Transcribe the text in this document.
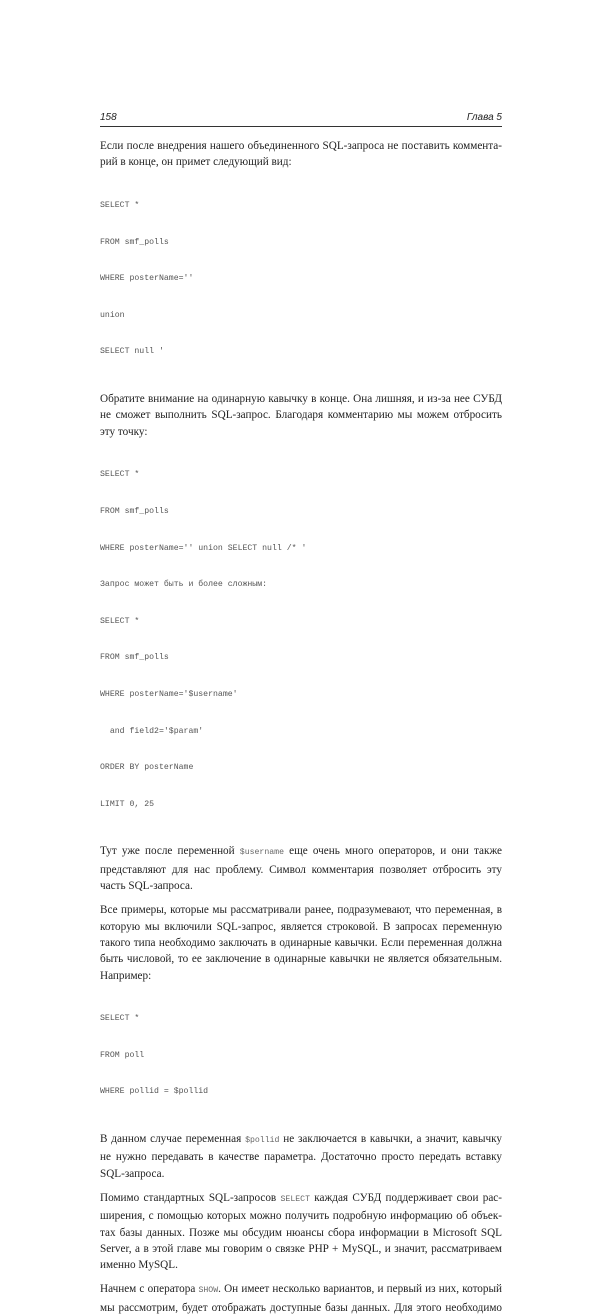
158	Глава 5

Если после внедрения нашего объединенного SQL-запроса не поставить коммента-
рий в конце, он примет следующий вид:

SELECT *

FROM smf_polls

WHERE posterName=''

union

SELECT null '

Обратите внимание на одинарную кавычку в конце. Она лишняя, и из-за нее СУБД
не сможет выполнить SQL-запрос. Благодаря комментарию мы можем отбросить
эту точку:

SELECT *

FROM smf_polls

WHERE posterName='' union SELECT null /* '

Запрос может быть и более сложным:

SELECT *

FROM smf_polls

WHERE posterName='$username'

and field2='$param'

ORDER BY posterName

LIMIT 0, 25

Тут уже после переменной $username еще очень много операторов, и они также
представляют для нас проблему. Символ комментария позволяет отбросить эту
часть SQL-запроса.

Все примеры, которые мы рассматривали ранее, подразумевают, что переменная, в
которую мы включили SQL-запрос, является строковой. В запросах переменную
такого типа необходимо заключать в одинарные кавычки. Если переменная должна
быть числовой, то ее заключение в одинарные кавычки не является обязательным.
Например:

SELECT *

FROM poll

WHERE pollid = $pollid

В данном случае переменная $pollid не заключается в кавычки, а значит, кавычку
не нужно передавать в качестве параметра. Достаточно просто передать вставку
SQL-запроса.

Помимо стандартных SQL-запросов SELECT каждая СУБД поддерживает свои рас-
ширения, с помощью которых можно получить подробную информацию об объек-
тах базы данных. Позже мы обсудим нюансы сбора информации в Microsoft SQL
Server, а в этой главе мы говорим о связке PHP + MySQL, и значит, рассматриваем
именно MySQL.

Начнем с оператора SHOW. Он имеет несколько вариантов, и первый из них, который
мы рассмотрим, будет отображать доступные базы данных. Для этого необходимо
